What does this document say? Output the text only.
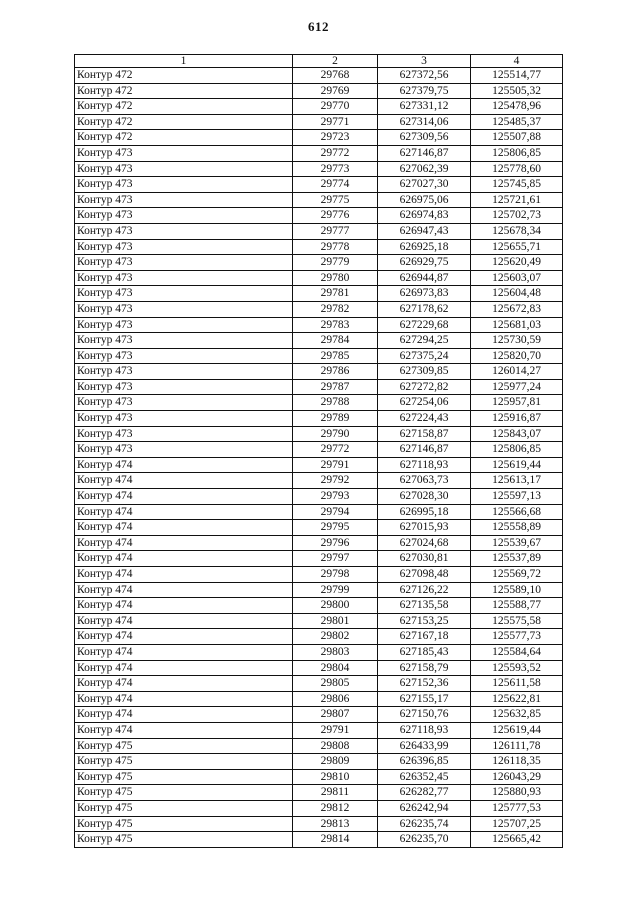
612
1	2	3	4
Контур 472	29768	627372,56	125514,77
Контур 472	29769	627379,75	125505,32
Контур 472	29770	627331,12	125478,96
Контур 472	29771	627314,06	125485,37
Контур 472	29723	627309,56	125507,88
Контур 473	29772	627146,87	125806,85
Контур 473	29773	627062,39	125778,60
Контур 473	29774	627027,30	125745,85
Контур 473	29775	626975,06	125721,61
Контур 473	29776	626974,83	125702,73
Контур 473	29777	626947,43	125678,34
Контур 473	29778	626925,18	125655,71
Контур 473	29779	626929,75	125620,49
Контур 473	29780	626944,87	125603,07
Контур 473	29781	626973,83	125604,48
Контур 473	29782	627178,62	125672,83
Контур 473	29783	627229,68	125681,03
Контур 473	29784	627294,25	125730,59
Контур 473	29785	627375,24	125820,70
Контур 473	29786	627309,85	126014,27
Контур 473	29787	627272,82	125977,24
Контур 473	29788	627254,06	125957,81
Контур 473	29789	627224,43	125916,87
Контур 473	29790	627158,87	125843,07
Контур 473	29772	627146,87	125806,85
Контур 474	29791	627118,93	125619,44
Контур 474	29792	627063,73	125613,17
Контур 474	29793	627028,30	125597,13
Контур 474	29794	626995,18	125566,68
Контур 474	29795	627015,93	125558,89
Контур 474	29796	627024,68	125539,67
Контур 474	29797	627030,81	125537,89
Контур 474	29798	627098,48	125569,72
Контур 474	29799	627126,22	125589,10
Контур 474	29800	627135,58	125588,77
Контур 474	29801	627153,25	125575,58
Контур 474	29802	627167,18	125577,73
Контур 474	29803	627185,43	125584,64
Контур 474	29804	627158,79	125593,52
Контур 474	29805	627152,36	125611,58
Контур 474	29806	627155,17	125622,81
Контур 474	29807	627150,76	125632,85
Контур 474	29791	627118,93	125619,44
Контур 475	29808	626433,99	126111,78
Контур 475	29809	626396,85	126118,35
Контур 475	29810	626352,45	126043,29
Контур 475	29811	626282,77	125880,93
Контур 475	29812	626242,94	125777,53
Контур 475	29813	626235,74	125707,25
Контур 475	29814	626235,70	125665,42
